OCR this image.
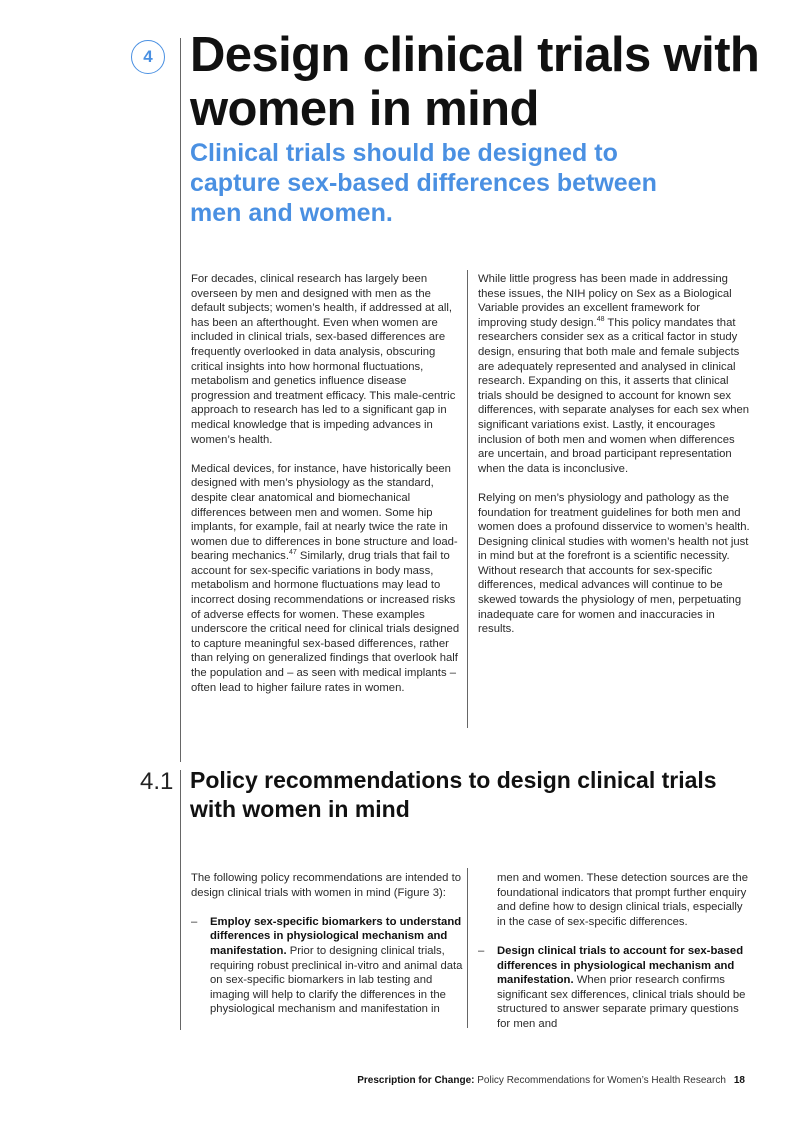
4 Design clinical trials with women in mind
Clinical trials should be designed to capture sex-based differences between men and women.

For decades, clinical research has largely been overseen by men and designed with men as the default subjects; women’s health, if addressed at all, has been an afterthought. Even when women are included in clinical trials, sex-based differences are frequently overlooked in data analysis, obscuring critical insights into how hormonal fluctuations, metabolism and genetics influence disease progression and treatment efficacy. This male-centric approach to research has led to a significant gap in medical knowledge that is impeding advances in women’s health.

Medical devices, for instance, have historically been designed with men’s physiology as the standard, despite clear anatomical and biomechanical differences between men and women. Some hip implants, for example, fail at nearly twice the rate in women due to differences in bone structure and load-bearing mechanics.$^{47}$ Similarly, drug trials that fail to account for sex-specific variations in body mass, metabolism and hormone fluctuations may lead to incorrect dosing recommendations or increased risks of adverse effects for women. These examples underscore the critical need for clinical trials designed to capture meaningful sex-based differences, rather than relying on generalized findings that overlook half the population and – as seen with medical implants – often lead to higher failure rates in women.

While little progress has been made in addressing these issues, the NIH policy on Sex as a Biological Variable provides an excellent framework for improving study design.$^{48}$ This policy mandates that researchers consider sex as a critical factor in study design, ensuring that both male and female subjects are adequately represented and analysed in clinical research. Expanding on this, it asserts that clinical trials should be designed to account for known sex differences, with separate analyses for each sex when significant variations exist. Lastly, it encourages inclusion of both men and women when differences are uncertain, and broad participant representation when the data is inconclusive.

Relying on men’s physiology and pathology as the foundation for treatment guidelines for both men and women does a profound disservice to women’s health. Designing clinical studies with women’s health not just in mind but at the forefront is a scientific necessity. Without research that accounts for sex-specific differences, medical advances will continue to be skewed towards the physiology of men, perpetuating inadequate care for women and inaccuracies in results.

4.1 Policy recommendations to design clinical trials with women in mind

The following policy recommendations are intended to design clinical trials with women in mind (Figure 3):

– Employ sex-specific biomarkers to understand differences in physiological mechanism and manifestation. Prior to designing clinical trials, requiring robust preclinical in-vitro and animal data on sex-specific biomarkers in lab testing and imaging will help to clarify the differences in the physiological mechanism and manifestation in

men and women. These detection sources are the foundational indicators that prompt further enquiry and define how to design clinical trials, especially in the case of sex-specific differences.

– Design clinical trials to account for sex-based differences in physiological mechanism and manifestation. When prior research confirms significant sex differences, clinical trials should be structured to answer separate primary questions for men and
Prescription for Change: Policy Recommendations for Women’s Health Research 18
